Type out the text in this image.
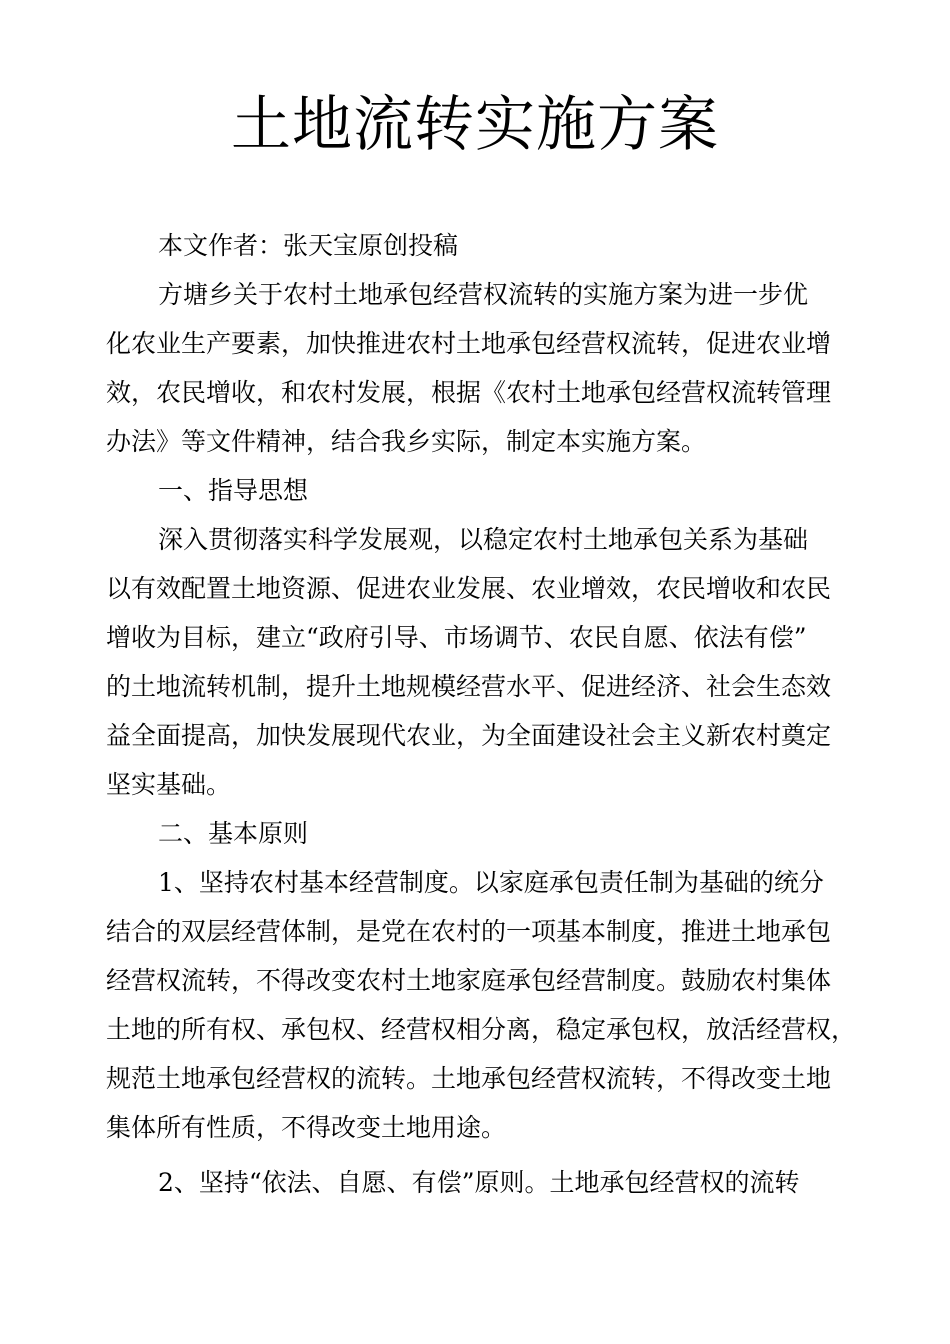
土地流转实施方案
本文作者：张天宝原创投稿
方塘乡关于农村土地承包经营权流转的实施方案为进一步优
化农业生产要素，加快推进农村土地承包经营权流转，促进农业增
效，农民增收，和农村发展，根据《农村土地承包经营权流转管理
办法》等文件精神，结合我乡实际，制定本实施方案。
一、指导思想
深入贯彻落实科学发展观，以稳定农村土地承包关系为基础
以有效配置土地资源、促进农业发展、农业增效，农民增收和农民
增收为目标，建立“政府引导、市场调节、农民自愿、依法有偿”
的土地流转机制，提升土地规模经营水平、促进经济、社会生态效
益全面提高，加快发展现代农业，为全面建设社会主义新农村奠定
坚实基础。
二、基本原则
1、坚持农村基本经营制度。以家庭承包责任制为基础的统分
结合的双层经营体制，是党在农村的一项基本制度，推进土地承包
经营权流转，不得改变农村土地家庭承包经营制度。鼓励农村集体
土地的所有权、承包权、经营权相分离，稳定承包权，放活经营权，
规范土地承包经营权的流转。土地承包经营权流转，不得改变土地
集体所有性质，不得改变土地用途。
2、坚持“依法、自愿、有偿”原则。土地承包经营权的流转
